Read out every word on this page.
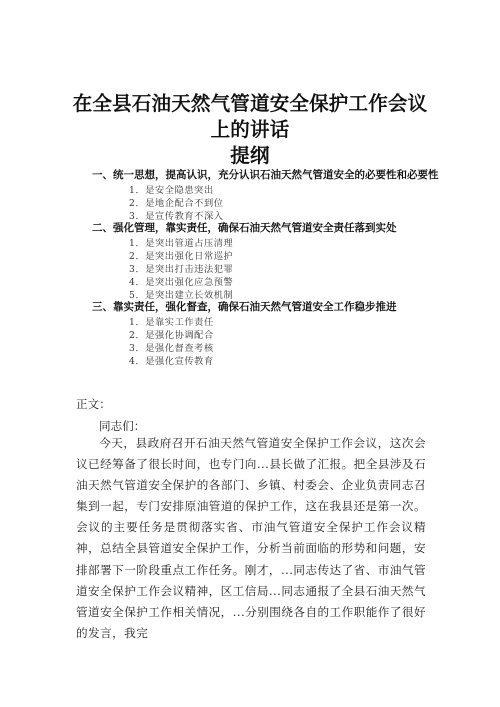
在全县石油天然气管道安全保护工作会议
上的讲话
提纲
一、统一思想，提高认识，充分认识石油天然气管道安全的必要性和必要性
1．是安全隐患突出
2．是地企配合不到位
3．是宣传教育不深入
二、强化管理，靠实责任，确保石油天然气管道安全责任落到实处
1．是突出管道占压清理
2．是突出强化日常巡护
3．是突出打击违法犯罪
4．是突出强化应急预警
5．是突出建立长效机制
三、靠实责任，强化督查，确保石油天然气管道安全工作稳步推进
1．是靠实工作责任
2．是强化协调配合
3．是强化督查考核
4．是强化宣传教育
正文：
同志们：
今天，县政府召开石油天然气管道安全保护工作会议，这次会议已经筹备了很长时间，也专门向...县长做了汇报。把全县涉及石油天然气管道安全保护的各部门、乡镇、村委会、企业负责同志召集到一起，专门安排原油管道的保护工作，这在我县还是第一次。会议的主要任务是贯彻落实省、市油气管道安全保护工作会议精神，总结全县管道安全保护工作，分析当前面临的形势和问题，安排部署下一阶段重点工作任务。刚才，...同志传达了省、市油气管道安全保护工作会议精神，区工信局...同志通报了全县石油天然气管道安全保护工作相关情况，...分别围绕各自的工作职能作了很好的发言，我完
